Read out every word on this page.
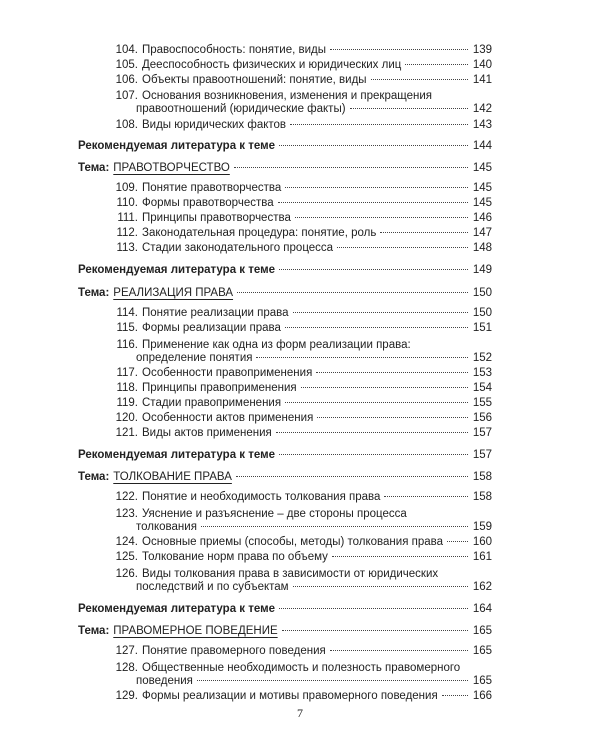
104. Правоспособность: понятие, виды	139
105. Дееспособность физических и юридических лиц	140
106. Объекты правоотношений: понятие, виды	141
107. Основания возникновения, изменения и прекращения
правоотношений (юридические факты)	142
108. Виды юридических фактов	143
Рекомендуемая литература к теме	144
Тема: ПРАВОТВОРЧЕСТВО	145
109. Понятие правотворчества	145
110. Формы правотворчества	145
111. Принципы правотворчества	146
112. Законодательная процедура: понятие, роль	147
113. Стадии законодательного процесса	148
Рекомендуемая литература к теме	149
Тема: РЕАЛИЗАЦИЯ ПРАВА	150
114. Понятие реализации права	150
115. Формы реализации права	151
116. Применение как одна из форм реализации права:
определение понятия	152
117. Особенности правоприменения	153
118. Принципы правоприменения	154
119. Стадии правоприменения	155
120. Особенности актов применения	156
121. Виды актов применения	157
Рекомендуемая литература к теме	157
Тема: ТОЛКОВАНИЕ ПРАВА	158
122. Понятие и необходимость толкования права	158
123. Уяснение и разъяснение – две стороны процесса
толкования	159
124. Основные приемы (способы, методы) толкования права	160
125. Толкование норм права по объему	161
126. Виды толкования права в зависимости от юридических
последствий и по субъектам	162
Рекомендуемая литература к теме	164
Тема: ПРАВОМЕРНОЕ ПОВЕДЕНИЕ	165
127. Понятие правомерного поведения	165
128. Общественные необходимость и полезность правомерного
поведения	165
129. Формы реализации и мотивы правомерного поведения	166
7
